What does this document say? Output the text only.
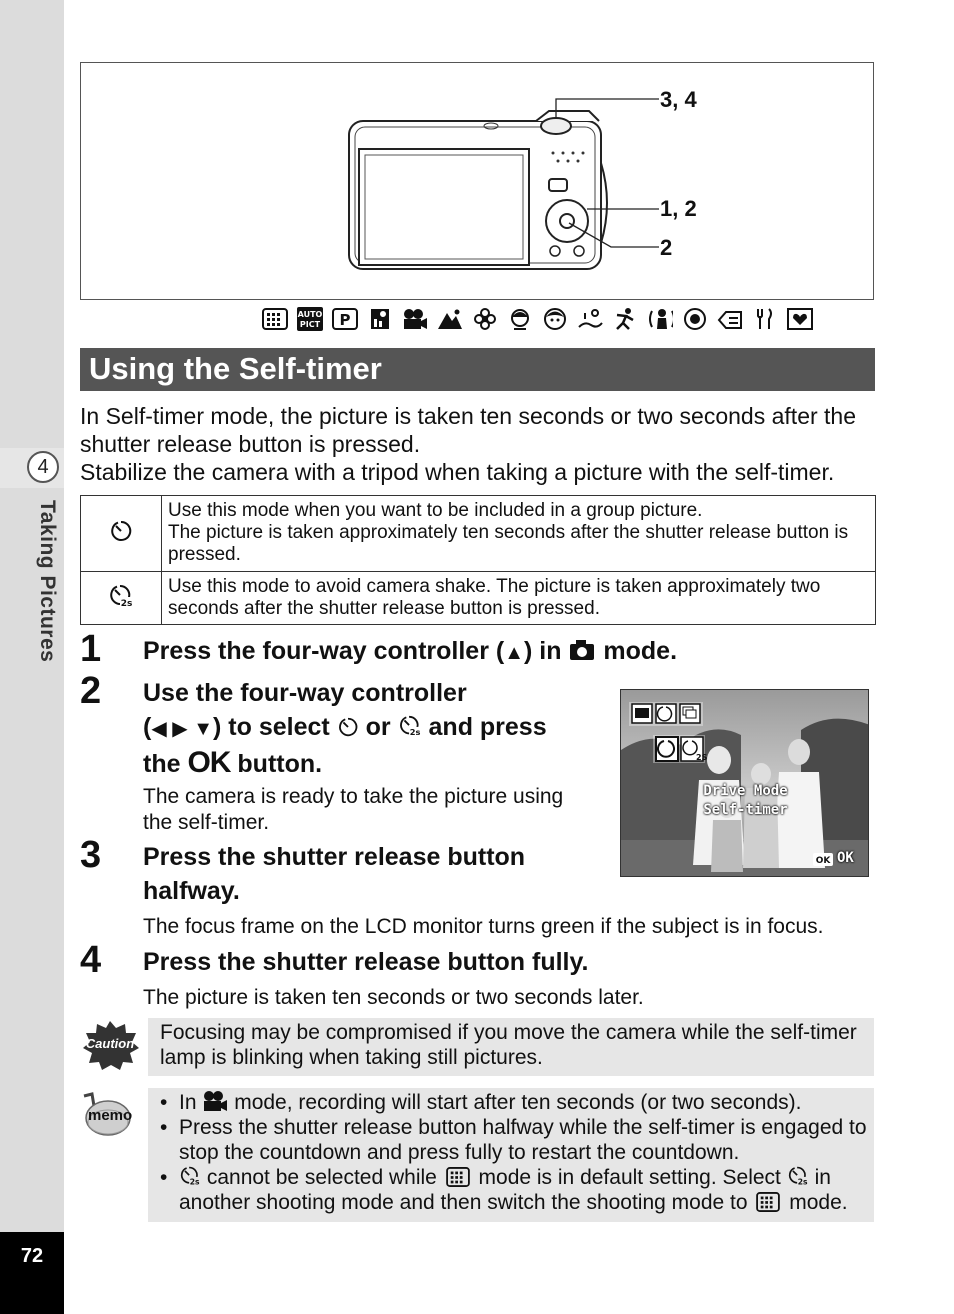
4
Taking Pictures
72
3, 4
1, 2
2
AUTO
PICT P
Using the Self-timer

In Self-timer mode, the picture is taken ten seconds or two seconds after the shutter release button is pressed.

Stabilize the camera with a tripod when taking a picture with the self-timer.

	Use this mode when you want to be included in a group picture.
The picture is taken approximately ten seconds after the shutter release button is pressed.

2s	Use this mode to avoid camera shake. The picture is taken approximately two seconds after the shutter release button is pressed.
1 Press the four-way controller (▲) in mode.
2 Use the four-way controller
(◀ ▶ ▼) to select or 2s and press
the OK button.
The camera is ready to take the picture using the self-timer.
2S
OK
Drive Mode
Self-timer
OK
3 Press the shutter release button halfway.
The focus frame on the LCD monitor turns green if the subject is in focus.
4 Press the shutter release button fully.
The picture is taken ten seconds or two seconds later.
Caution Focusing may be compromised if you move the camera while the self-timer lamp is blinking when taking still pictures.
memo
• In mode, recording will start after ten seconds (or two seconds).
• Press the shutter release button halfway while the self-timer is engaged to stop the countdown and press fully to restart the countdown.
• 2s cannot be selected while mode is in default setting. Select 2s in another shooting mode and then switch the shooting mode to mode.
